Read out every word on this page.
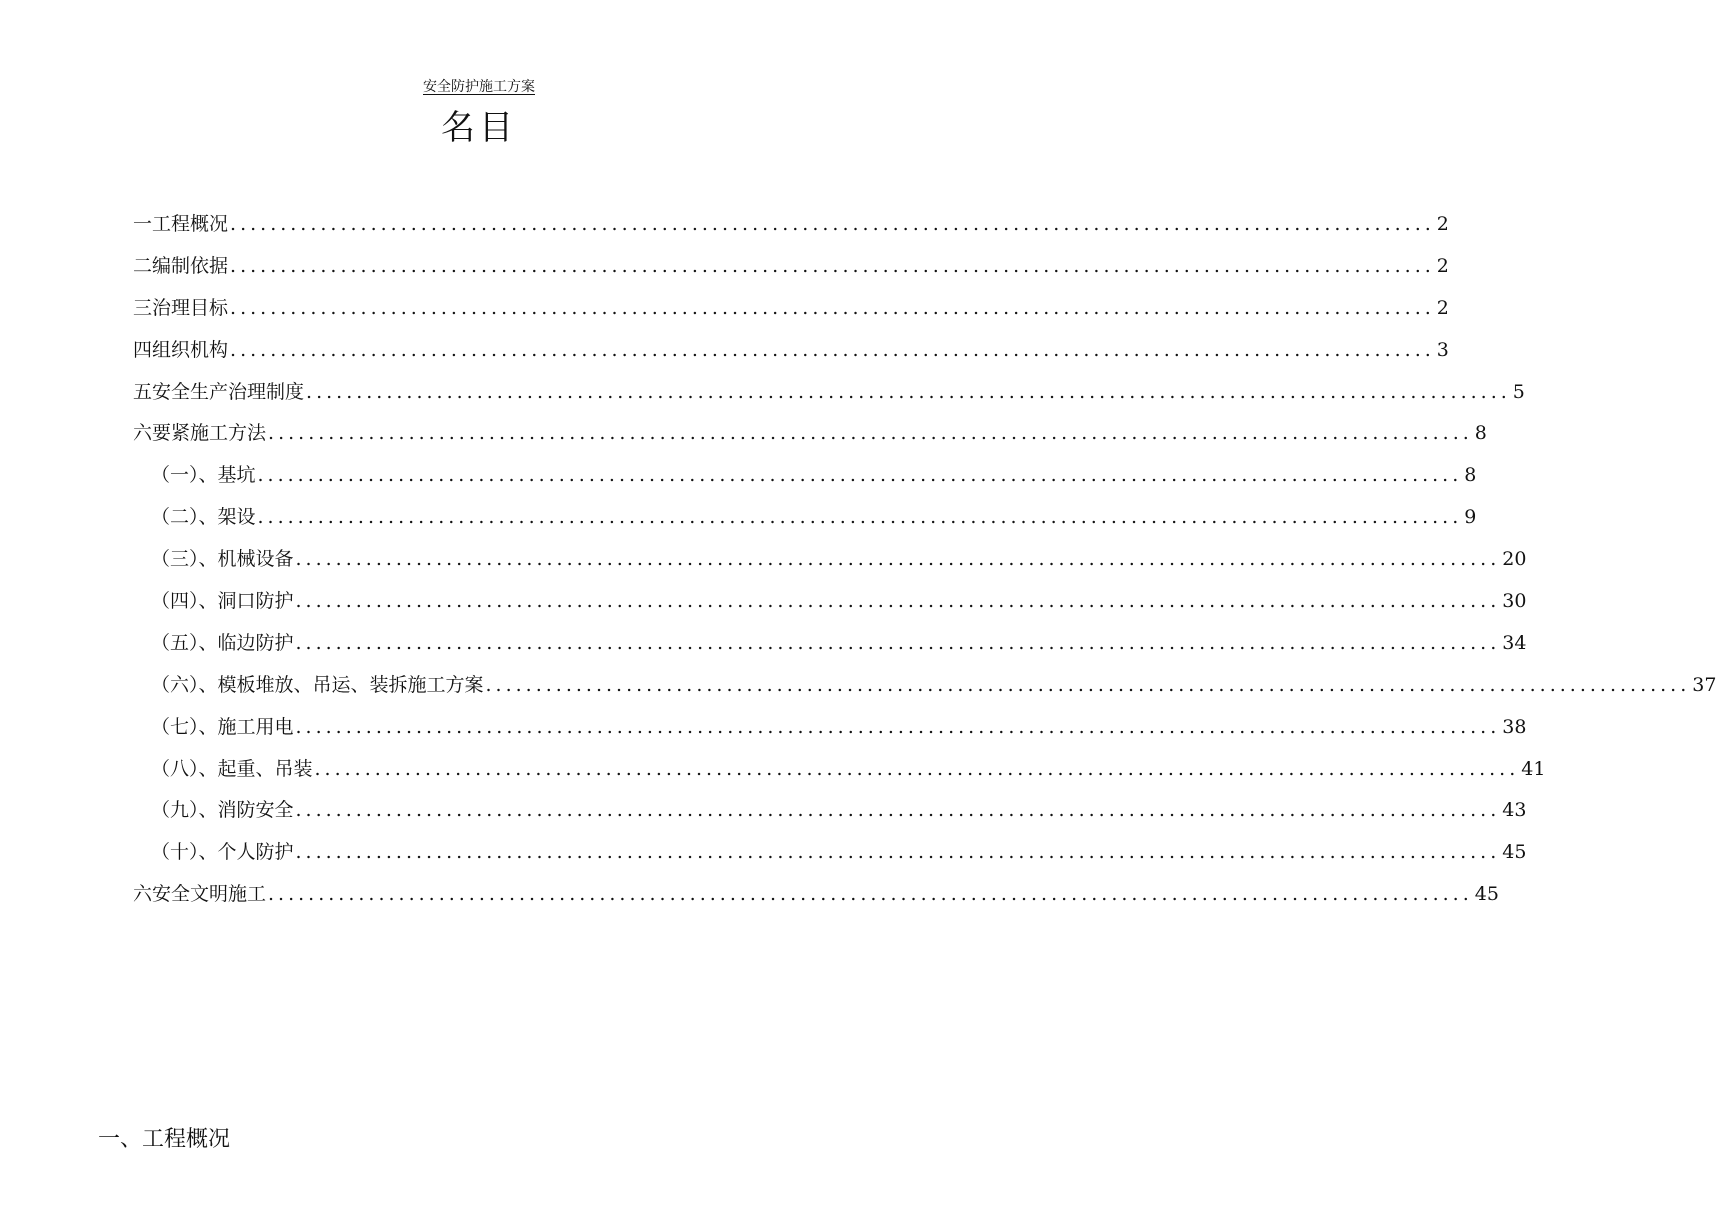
安全防护施工方案
名目
一 工程概况 ........................................................................................................................ 2
二 编制依据 ........................................................................................................................ 2
三 治理目标 ........................................................................................................................ 2
四 组织机构 ........................................................................................................................ 3
五 安全生产治理制度 ........................................................................................................................ 5
六 要紧施工方法 ........................................................................................................................ 8
（一）、基坑 ........................................................................................................................ 8
（二）、架设 ........................................................................................................................ 9
（三）、机械设备 ........................................................................................................................ 20
（四）、洞口防护 ........................................................................................................................ 30
（五）、临边防护 ........................................................................................................................ 34
（六）、模板堆放、吊运、装拆施工方案 ........................................................................................................................ 37
（七）、施工用电 ........................................................................................................................ 38
（八）、起重、吊装 ........................................................................................................................ 41
（九）、消防安全 ........................................................................................................................ 43
（十）、个人防护 ........................................................................................................................ 45
六安全文明施工 ........................................................................................................................ 45
一、工程概况
